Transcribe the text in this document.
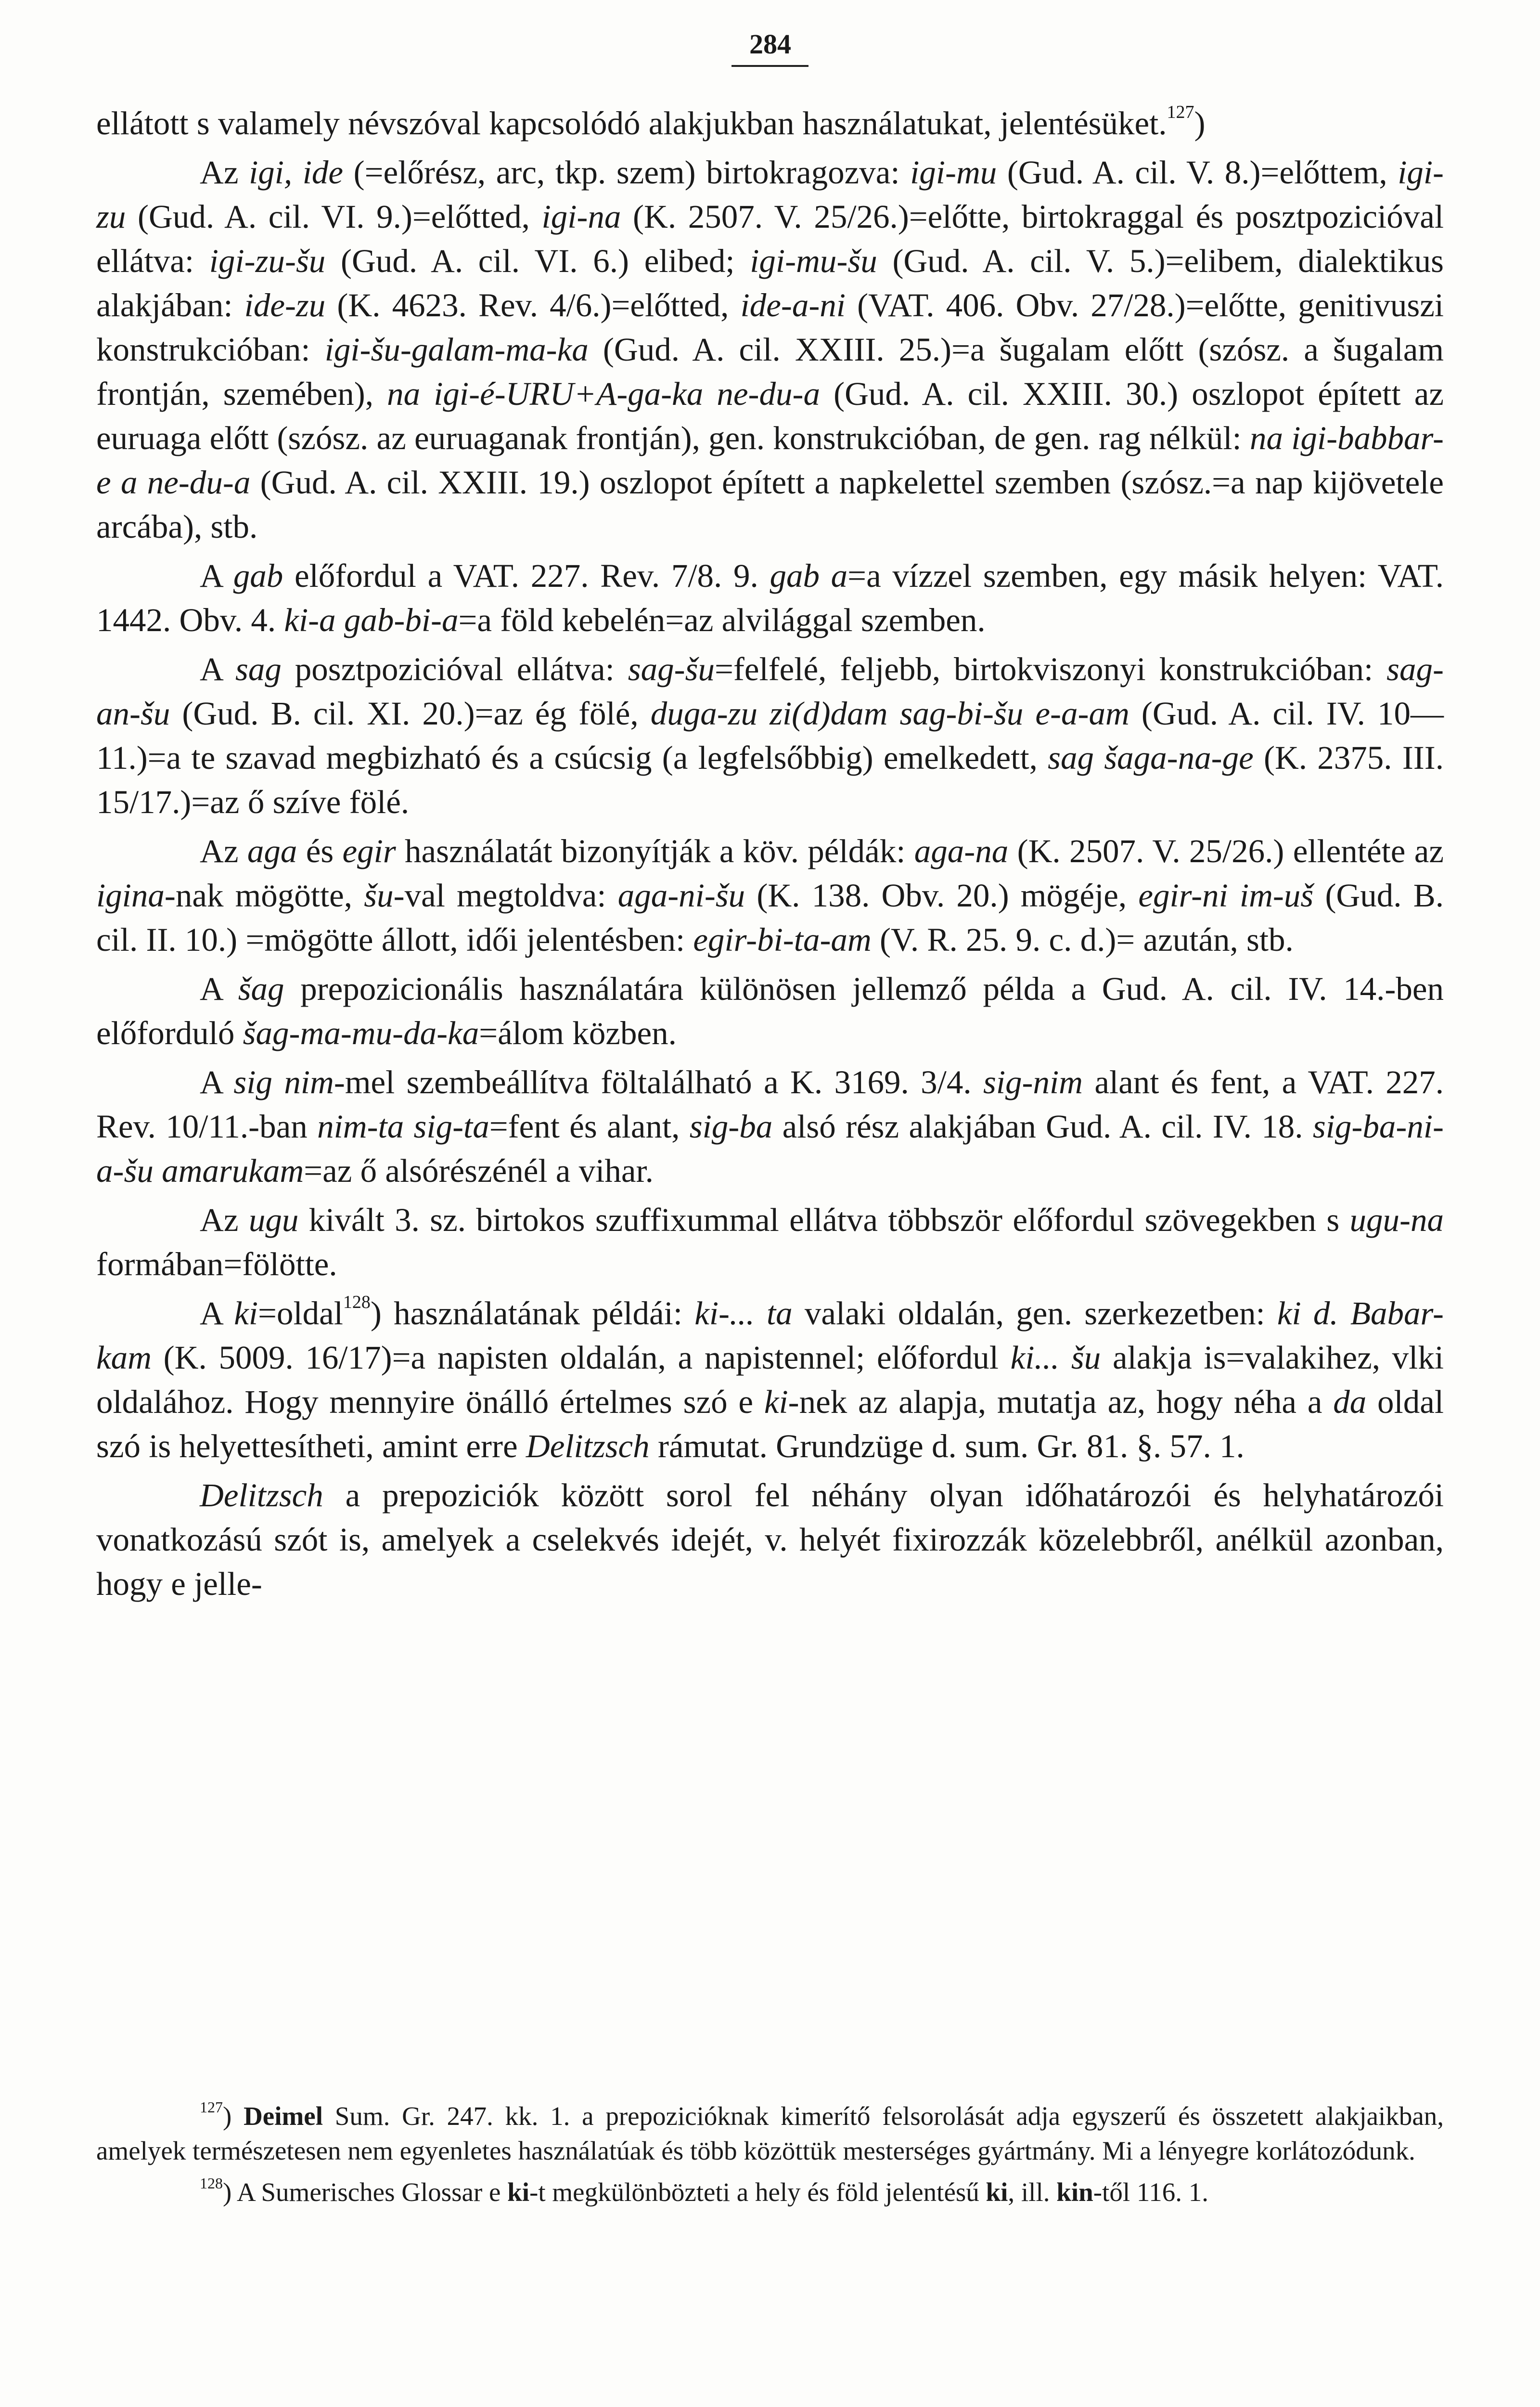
284

ellátott s valamely névszóval kapcsolódó alakjukban használatukat, jelentésüket.$^{127}$)

Az igi, ide (=előrész, arc, tkp. szem) birtokragozva: igi-mu (Gud. A. cil. V. 8.)=előttem, igi-zu (Gud. A. cil. VI. 9.)=előtted, igi-na (K. 2507. V. 25/26.)=előtte, birtokraggal és posztpozicióval ellátva: igi-zu-šu (Gud. A. cil. VI. 6.) elibed; igi-mu-šu (Gud. A. cil. V. 5.)=elibem, dialektikus alakjában: ide-zu (K. 4623. Rev. 4/6.)=előtted, ide-a-ni (VAT. 406. Obv. 27/28.)=előtte, genitivuszi konstrukcióban: igi-šu-galam-ma-ka (Gud. A. cil. XXIII. 25.)=a šugalam előtt (szósz. a šugalam frontján, szemében), na igi-é-URU+A-ga-ka ne-du-a (Gud. A. cil. XXIII. 30.) oszlopot épített az euruaga előtt (szósz. az euruaganak frontján), gen. konstrukcióban, de gen. rag nélkül: na igi-babbar-e a ne-du-a (Gud. A. cil. XXIII. 19.) oszlopot épített a napkelettel szemben (szósz.=a nap kijövetele arcába), stb.

A gab előfordul a VAT. 227. Rev. 7/8. 9. gab a=a vízzel szemben, egy másik helyen: VAT. 1442. Obv. 4. ki-a gab-bi-a=a föld kebelén=az alvilággal szemben.

A sag posztpozicióval ellátva: sag-šu=felfelé, feljebb, birtokviszonyi konstrukcióban: sag-an-šu (Gud. B. cil. XI. 20.)=az ég fölé, duga-zu zi(d)dam sag-bi-šu e-a-am (Gud. A. cil. IV. 10—11.)=a te szavad megbizható és a csúcsig (a legfelsőbbig) emelkedett, sag šaga-na-ge (K. 2375. III. 15/17.)=az ő szíve fölé.

Az aga és egir használatát bizonyítják a köv. példák: aga-na (K. 2507. V. 25/26.) ellentéte az igina-nak mögötte, šu-val megtoldva: aga-ni-šu (K. 138. Obv. 20.) mögéje, egir-ni im-uš (Gud. B. cil. II. 10.) =mögötte állott, idői jelentésben: egir-bi-ta-am (V. R. 25. 9. c. d.)= azután, stb.

A šag prepozicionális használatára különösen jellemző példa a Gud. A. cil. IV. 14.-ben előforduló šag-ma-mu-da-ka=álom közben.

A sig nim-mel szembeállítva föltalálható a K. 3169. 3/4. sig-nim alant és fent, a VAT. 227. Rev. 10/11.-ban nim-ta sig-ta=fent és alant, sig-ba alsó rész alakjában Gud. A. cil. IV. 18. sig-ba-ni-a-šu amarukam=az ő alsórészénél a vihar.

Az ugu kivált 3. sz. birtokos szuffixummal ellátva többször előfordul szövegekben s ugu-na formában=fölötte.

A ki=oldal$^{128}$) használatának példái: ki-... ta valaki oldalán, gen. szerkezetben: ki d. Babar-kam (K. 5009. 16/17)=a napisten oldalán, a napistennel; előfordul ki... šu alakja is=valakihez, vlki oldalához. Hogy mennyire önálló értelmes szó e ki-nek az alapja, mutatja az, hogy néha a da oldal szó is helyettesítheti, amint erre Delitzsch rámutat. Grundzüge d. sum. Gr. 81. §. 57. 1.

Delitzsch a prepoziciók között sorol fel néhány olyan időhatározói és helyhatározói vonatkozású szót is, amelyek a cselekvés idejét, v. helyét fixirozzák közelebbről, anélkül azonban, hogy e jelle-

$^{127}$) Deimel Sum. Gr. 247. kk. 1. a prepozicióknak kimerítő felsorolását adja egyszerű és összetett alakjaikban, amelyek természetesen nem egyenletes használatúak és több közöttük mesterséges gyártmány. Mi a lényegre korlátozódunk.

$^{128}$) A Sumerisches Glossar e ki-t megkülönbözteti a hely és föld jelentésű ki, ill. kin-től 116. 1.
